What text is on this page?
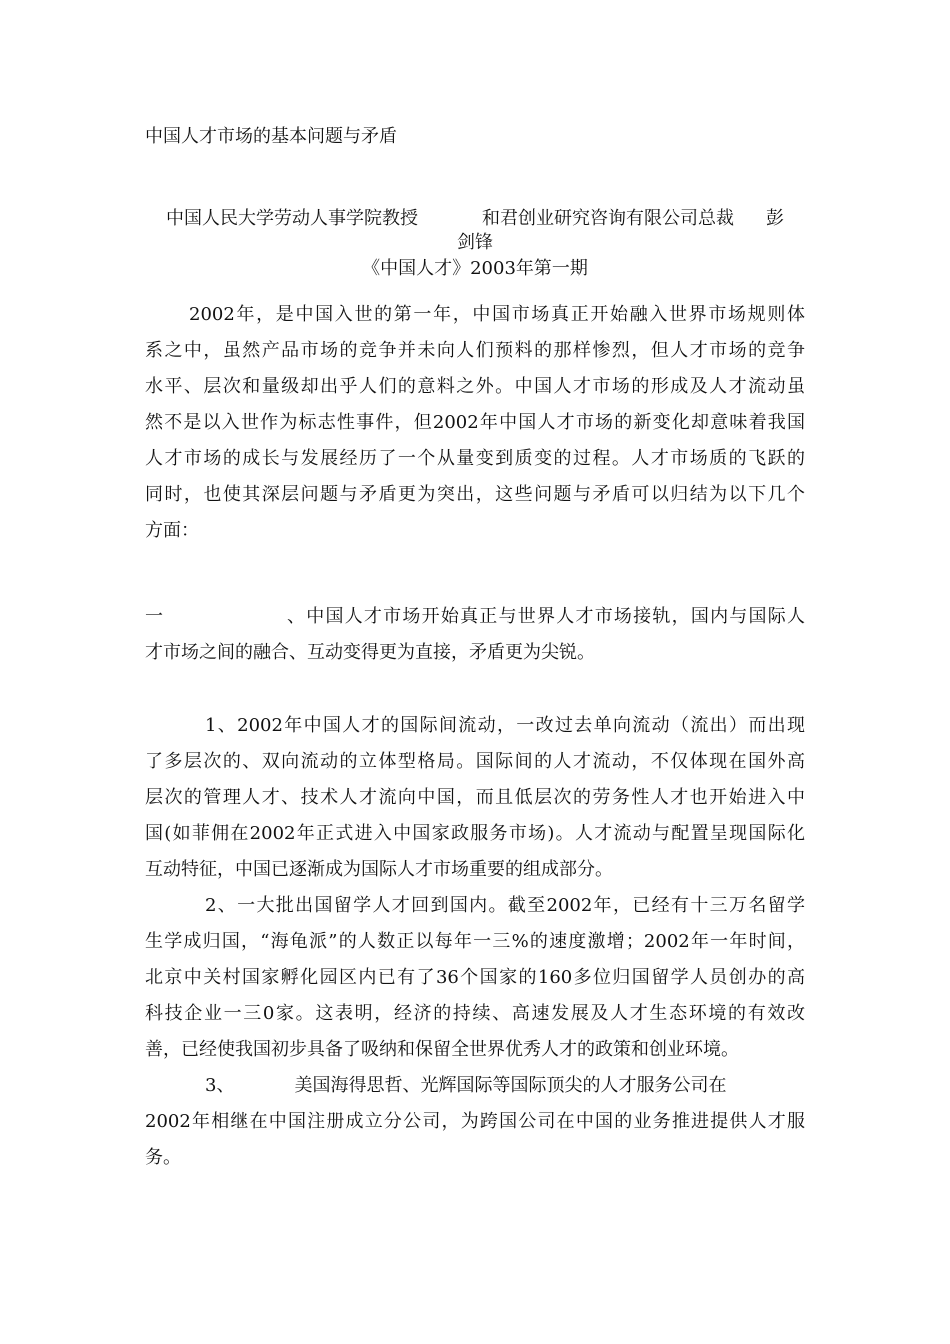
中国人才市场的基本问题与矛盾
中国人民大学劳动人事学院教授	和君创业研究咨询有限公司总裁 彭
剑锋
《中国人才》2003年第一期
2002年，是中国入世的第一年，中国市场真正开始融入世界市场规则体
系之中，虽然产品市场的竞争并未向人们预料的那样惨烈，但人才市场的竞争
水平、层次和量级却出乎人们的意料之外。中国人才市场的形成及人才流动虽
然不是以入世作为标志性事件，但2002年中国人才市场的新变化却意味着我国
人才市场的成长与发展经历了一个从量变到质变的过程。人才市场质的飞跃的
同时，也使其深层问题与矛盾更为突出，这些问题与矛盾可以归结为以下几个
方面：
一、中国人才市场开始真正与世界人才市场接轨，国内与国际人
才市场之间的融合、互动变得更为直接，矛盾更为尖锐。
1、2002年中国人才的国际间流动，一改过去单向流动（流出）而出现
了多层次的、双向流动的立体型格局。国际间的人才流动，不仅体现在国外高
层次的管理人才、技术人才流向中国，而且低层次的劳务性人才也开始进入中
国(如菲佣在2002年正式进入中国家政服务市场)。人才流动与配置呈现国际化
互动特征，中国已逐渐成为国际人才市场重要的组成部分。
2、一大批出国留学人才回到国内。截至2002年，已经有十三万名留学
生学成归国，“海龟派”的人数正以每年一三%的速度激增；2002年一年时间，
北京中关村国家孵化园区内已有了36个国家的160多位归国留学人员创办的高
科技企业一三0家。这表明，经济的持续、高速发展及人才生态环境的有效改
善，已经使我国初步具备了吸纳和保留全世界优秀人才的政策和创业环境。
3、	美国海得思哲、光辉国际等国际顶尖的人才服务公司在
2002年相继在中国注册成立分公司，为跨国公司在中国的业务推进提供人才服
务。
